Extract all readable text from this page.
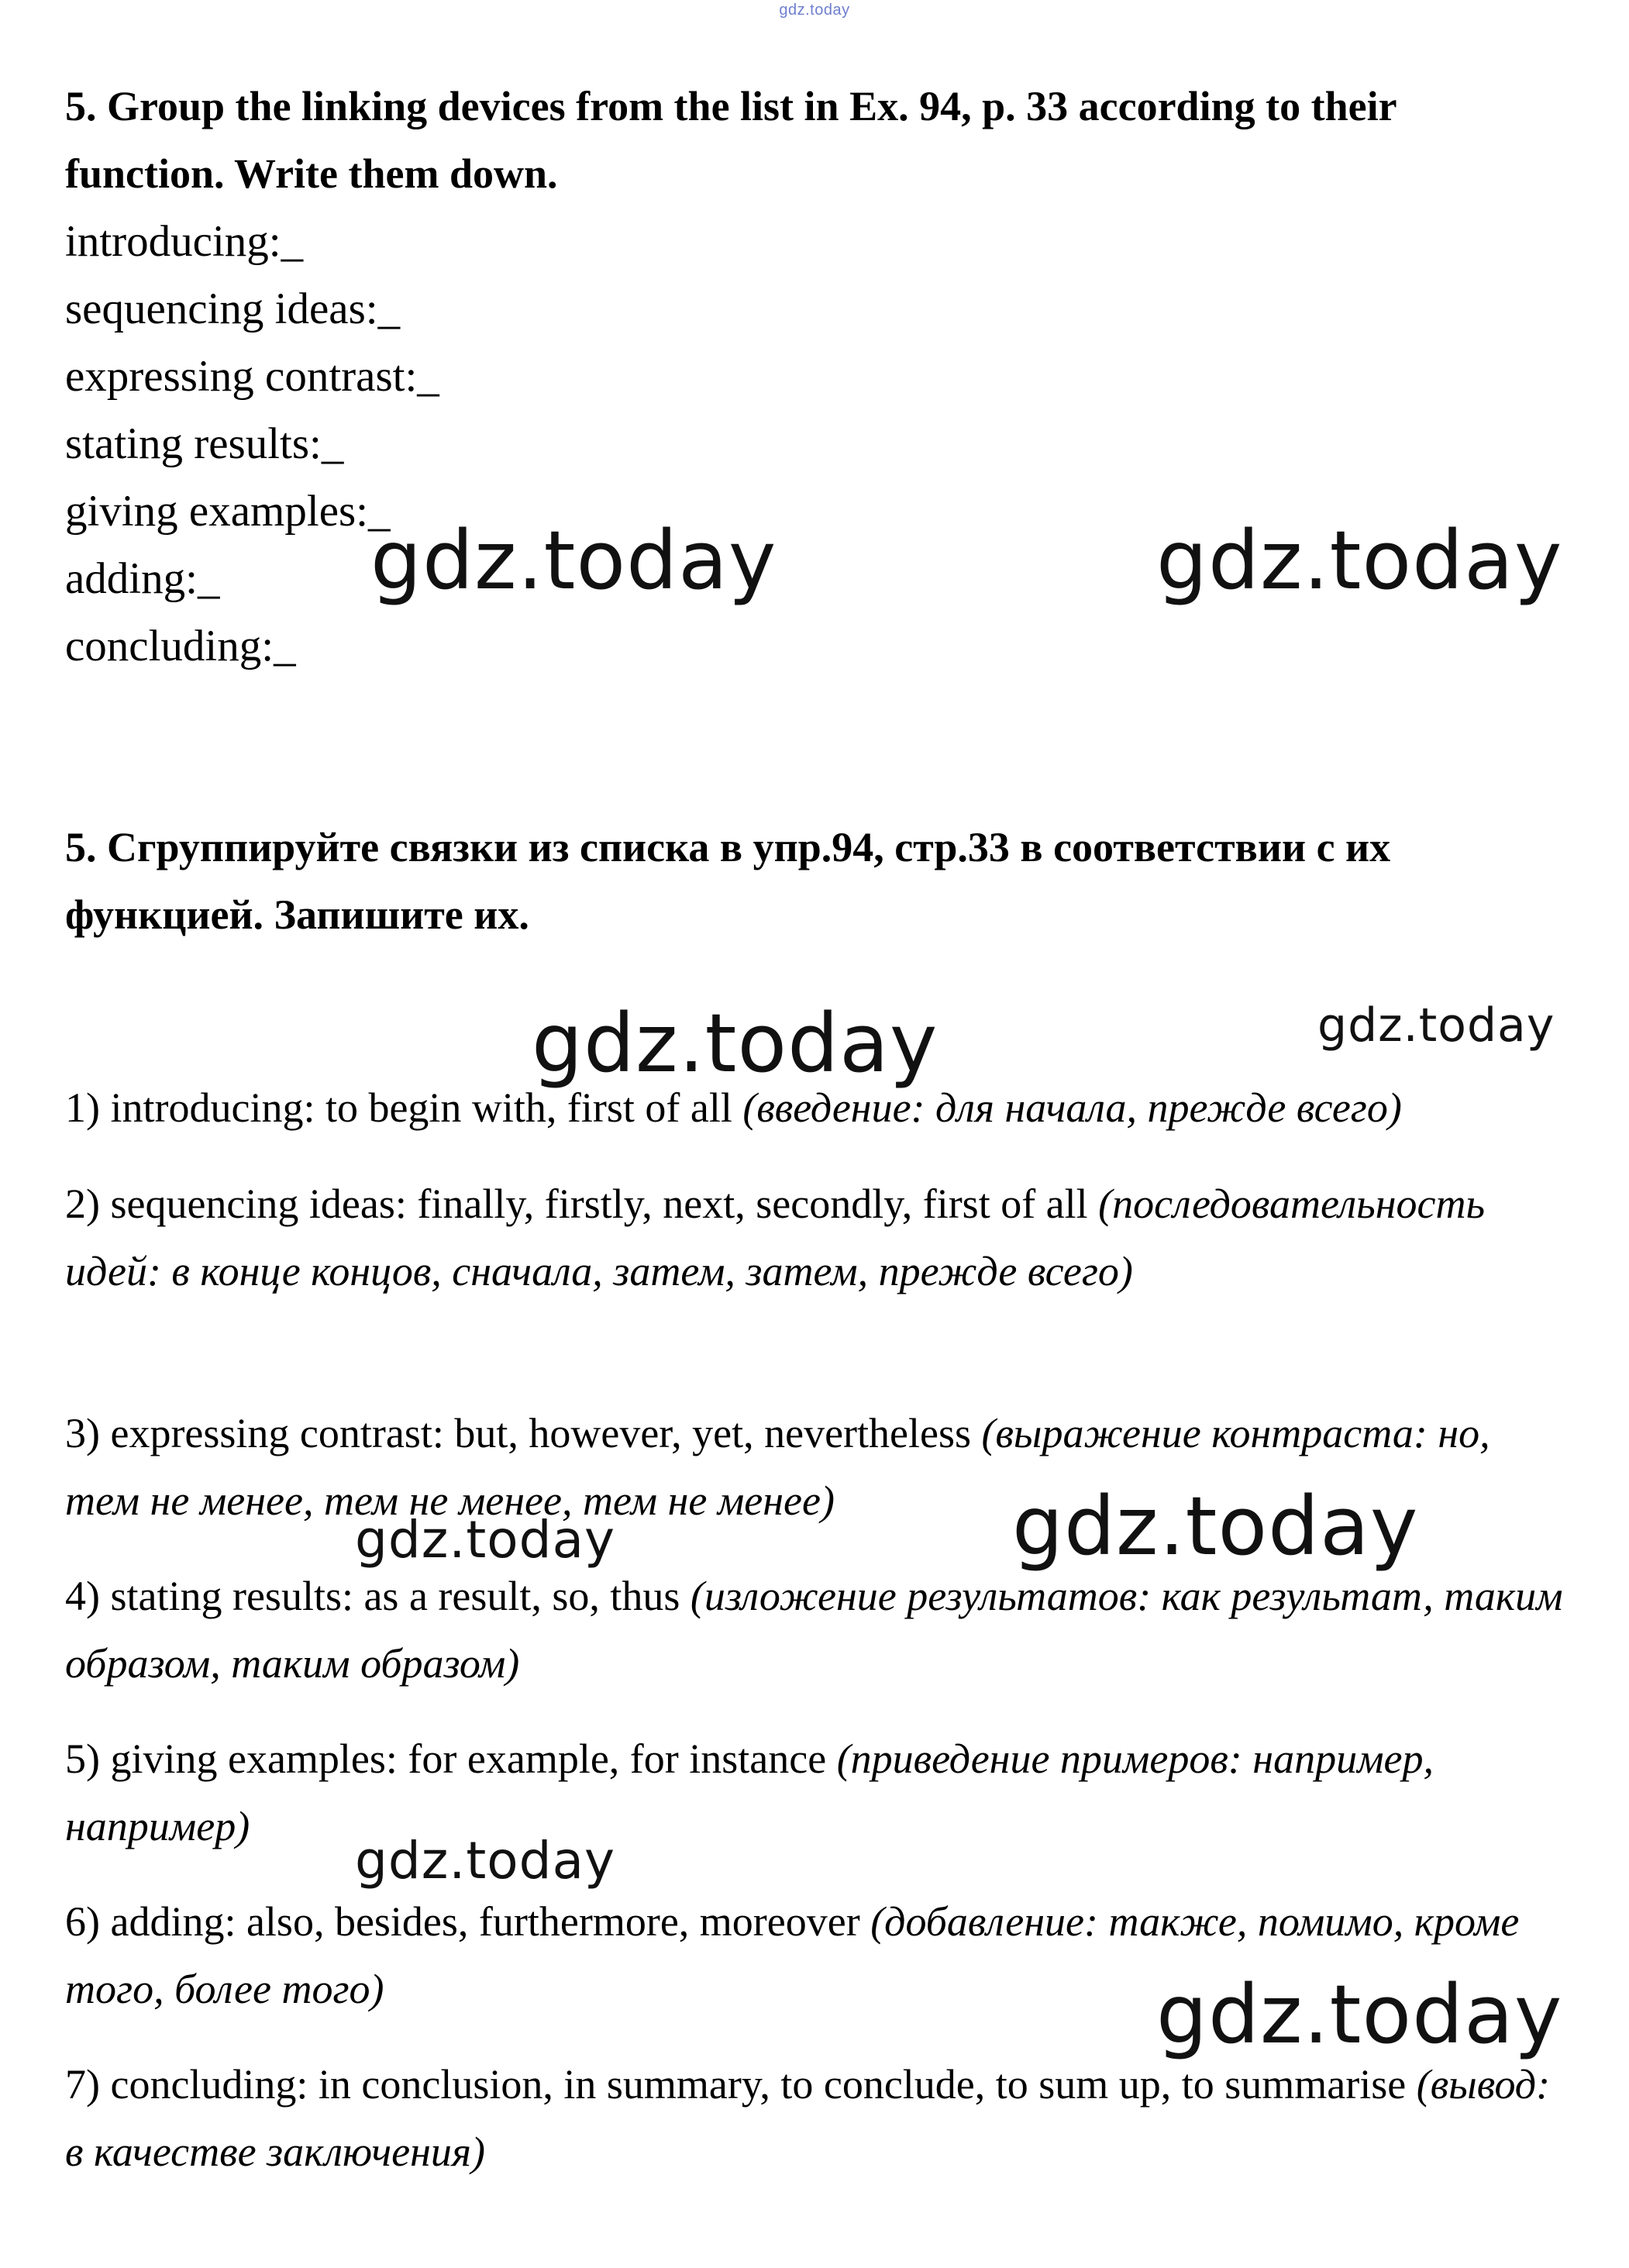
gdz.today
5. Group the linking devices from the list in Ex. 94, p. 33 according to their function. Write them down.
introducing:_
sequencing ideas:_
expressing contrast:_
stating results:_
giving examples:_
adding:_
concluding:_
5. Сгруппируйте связки из списка в упр.94, стр.33 в соответствии с их функцией. Запишите их.

1) introducing: to begin with, first of all (введение: для начала, прежде всего)

2) sequencing ideas: finally, firstly, next, secondly, first of all (последовательность идей: в конце концов, сначала, затем, затем, прежде всего)

3) expressing contrast: but, however, yet, nevertheless (выражение контраста: но, тем не менее, тем не менее, тем не менее)

4) stating results: as a result, so, thus (изложение результатов: как результат, таким образом, таким образом)

5) giving examples: for example, for instance (приведение примеров: например, например)

6) adding: also, besides, furthermore, moreover (добавление: также, помимо, кроме того, более того)

7) concluding: in conclusion, in summary, to conclude, to sum up, to summarise (вывод: в качестве заключения)

gdz.today	gdz.today
gdz.today	gdz.today
gdz.today
gdz.today
gdz.today
gdz.today
